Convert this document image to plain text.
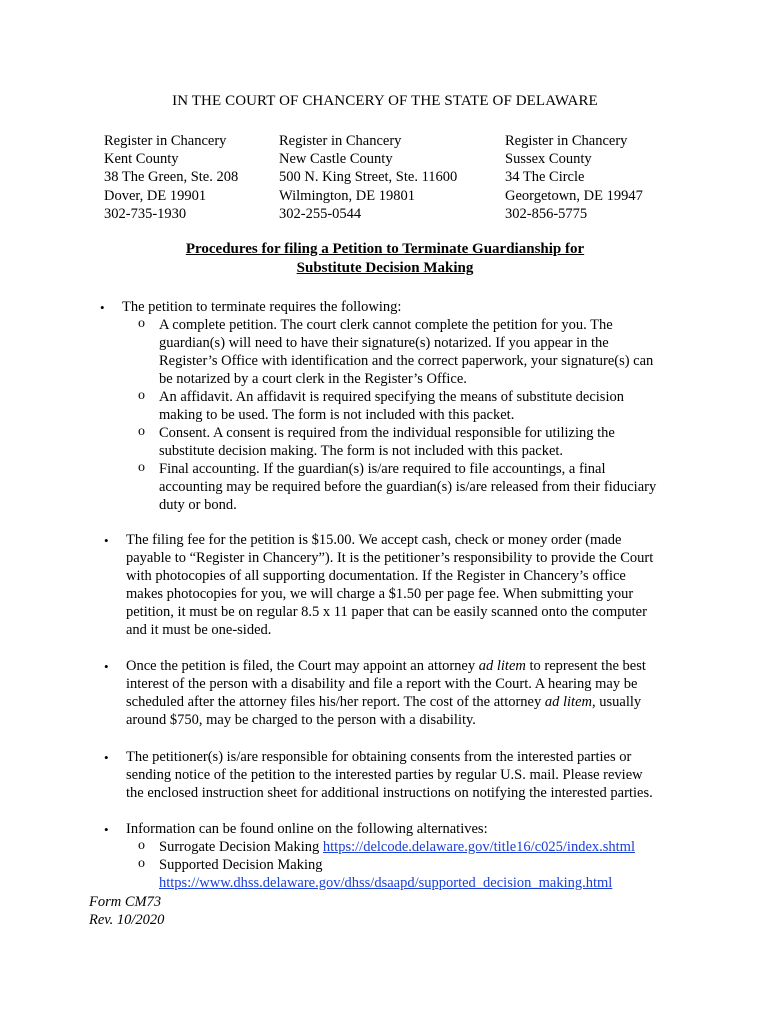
IN THE COURT OF CHANCERY OF THE STATE OF DELAWARE
Register in Chancery
Kent County
38 The Green, Ste. 208
Dover, DE 19901
302-735-1930
Register in Chancery
New Castle County
500 N. King Street, Ste. 11600
Wilmington, DE 19801
302-255-0544
Register in Chancery
Sussex County
34 The Circle
Georgetown, DE 19947
302-856-5775
Procedures for filing a Petition to Terminate Guardianship for
Substitute Decision Making
• The petition to terminate requires the following:
o A complete petition. The court clerk cannot complete the petition for you. The
guardian(s) will need to have their signature(s) notarized. If you appear in the
Register’s Office with identification and the correct paperwork, your signature(s) can
be notarized by a court clerk in the Register’s Office.
o An affidavit. An affidavit is required specifying the means of substitute decision
making to be used. The form is not included with this packet.
o Consent. A consent is required from the individual responsible for utilizing the
substitute decision making. The form is not included with this packet.
o Final accounting. If the guardian(s) is/are required to file accountings, a final
accounting may be required before the guardian(s) is/are released from their fiduciary
duty or bond.
• The filing fee for the petition is $15.00. We accept cash, check or money order (made
payable to “Register in Chancery”). It is the petitioner’s responsibility to provide the Court
with photocopies of all supporting documentation. If the Register in Chancery’s office
makes photocopies for you, we will charge a $1.50 per page fee. When submitting your
petition, it must be on regular 8.5 x 11 paper that can be easily scanned onto the computer
and it must be one-sided.
• Once the petition is filed, the Court may appoint an attorney ad litem to represent the best
interest of the person with a disability and file a report with the Court. A hearing may be
scheduled after the attorney files his/her report. The cost of the attorney ad litem, usually
around $750, may be charged to the person with a disability.
• The petitioner(s) is/are responsible for obtaining consents from the interested parties or
sending notice of the petition to the interested parties by regular U.S. mail. Please review
the enclosed instruction sheet for additional instructions on notifying the interested parties.
• Information can be found online on the following alternatives:
o Surrogate Decision Making https://delcode.delaware.gov/title16/c025/index.shtml
o Supported Decision Making
https://www.dhss.delaware.gov/dhss/dsaapd/supported_decision_making.html
Form CM73
Rev. 10/2020
